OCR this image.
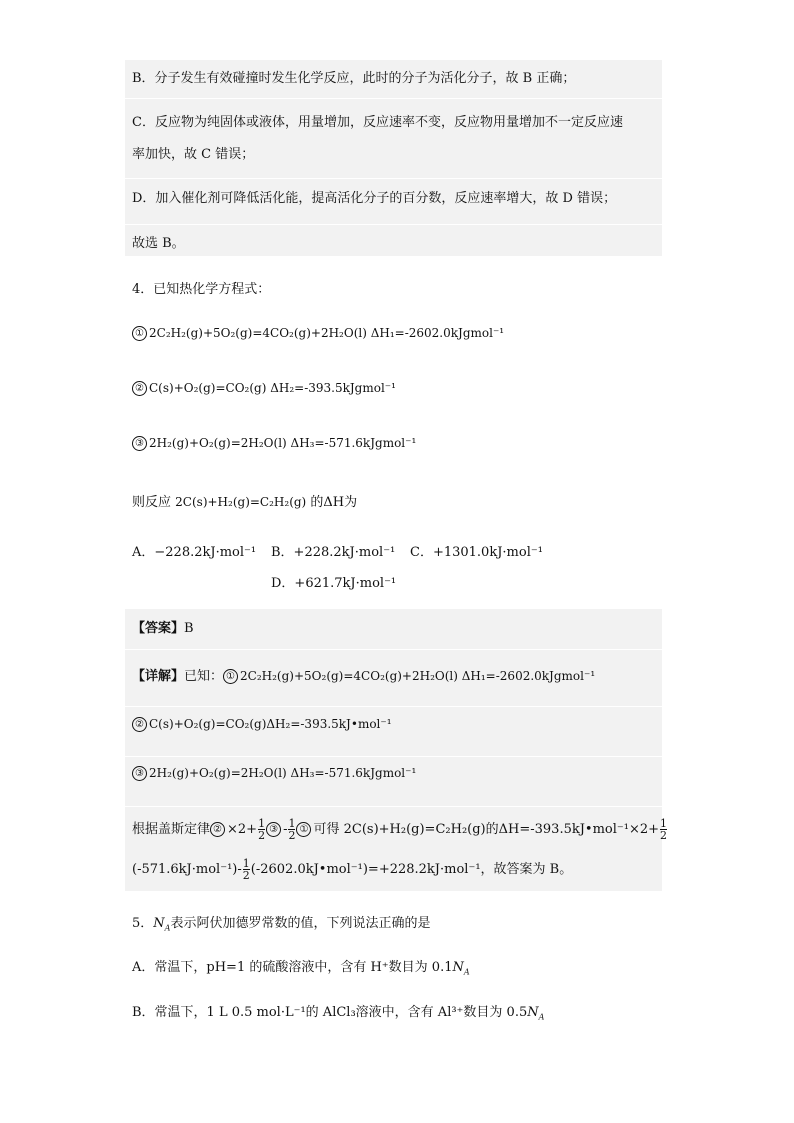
B．分子发生有效碰撞时发生化学反应，此时的分子为活化分子，故 B 正确；
C．反应物为纯固体或液体，用量增加，反应速率不变，反应物用量增加不一定反应速
率加快，故 C 错误；
D．加入催化剂可降低活化能，提高活化分子的百分数，反应速率增大，故 D 错误；
故选 B。
4．已知热化学方程式：
① 2C₂H₂(g)+5O₂(g)=4CO₂(g)+2H₂O(l) ΔH₁=-2602.0kJgmol⁻¹
② C(s)+O₂(g)=CO₂(g) ΔH₂=-393.5kJgmol⁻¹
③ 2H₂(g)+O₂(g)=2H₂O(l) ΔH₃=-571.6kJgmol⁻¹
则反应 2C(s)+H₂(g)=C₂H₂(g) 的ΔH为
A．−228.2kJ·mol⁻¹ B．+228.2kJ·mol⁻¹ C．+1301.0kJ·mol⁻¹
D．+621.7kJ·mol⁻¹
【答案】B
【详解】已知： ① 2C₂H₂(g)+5O₂(g)=4CO₂(g)+2H₂O(l) ΔH₁=-2602.0kJgmol⁻¹
② C(s)+O₂(g)=CO₂(g)ΔH₂=-393.5kJ•mol⁻¹
③ 2H₂(g)+O₂(g)=2H₂O(l) ΔH₃=-571.6kJgmol⁻¹
根据盖斯定律 ② $\times 2+ \frac{1}{2}$ ③ - $\frac{1}{2}$ ① 可得 2C(s)+H₂(g)=C₂H₂(g)的ΔH=-393.5kJ•mol⁻¹×2+ $\frac{1}{2}$
$(-571.6kJ\cdot mol^{-1})- \frac{1}{2}$ (-2602.0kJ•mol⁻¹)=+228.2kJ·mol⁻¹，故答案为 B。
5．$N_A$表示阿伏加德罗常数的值，下列说法正确的是
A．常温下，pH=1 的硫酸溶液中，含有 H⁺数目为 $0.1N_A$
B．常温下，1 L 0.5 mol·L⁻¹的 AlCl₃溶液中，含有 Al³⁺数目为 $0.5N_A$
